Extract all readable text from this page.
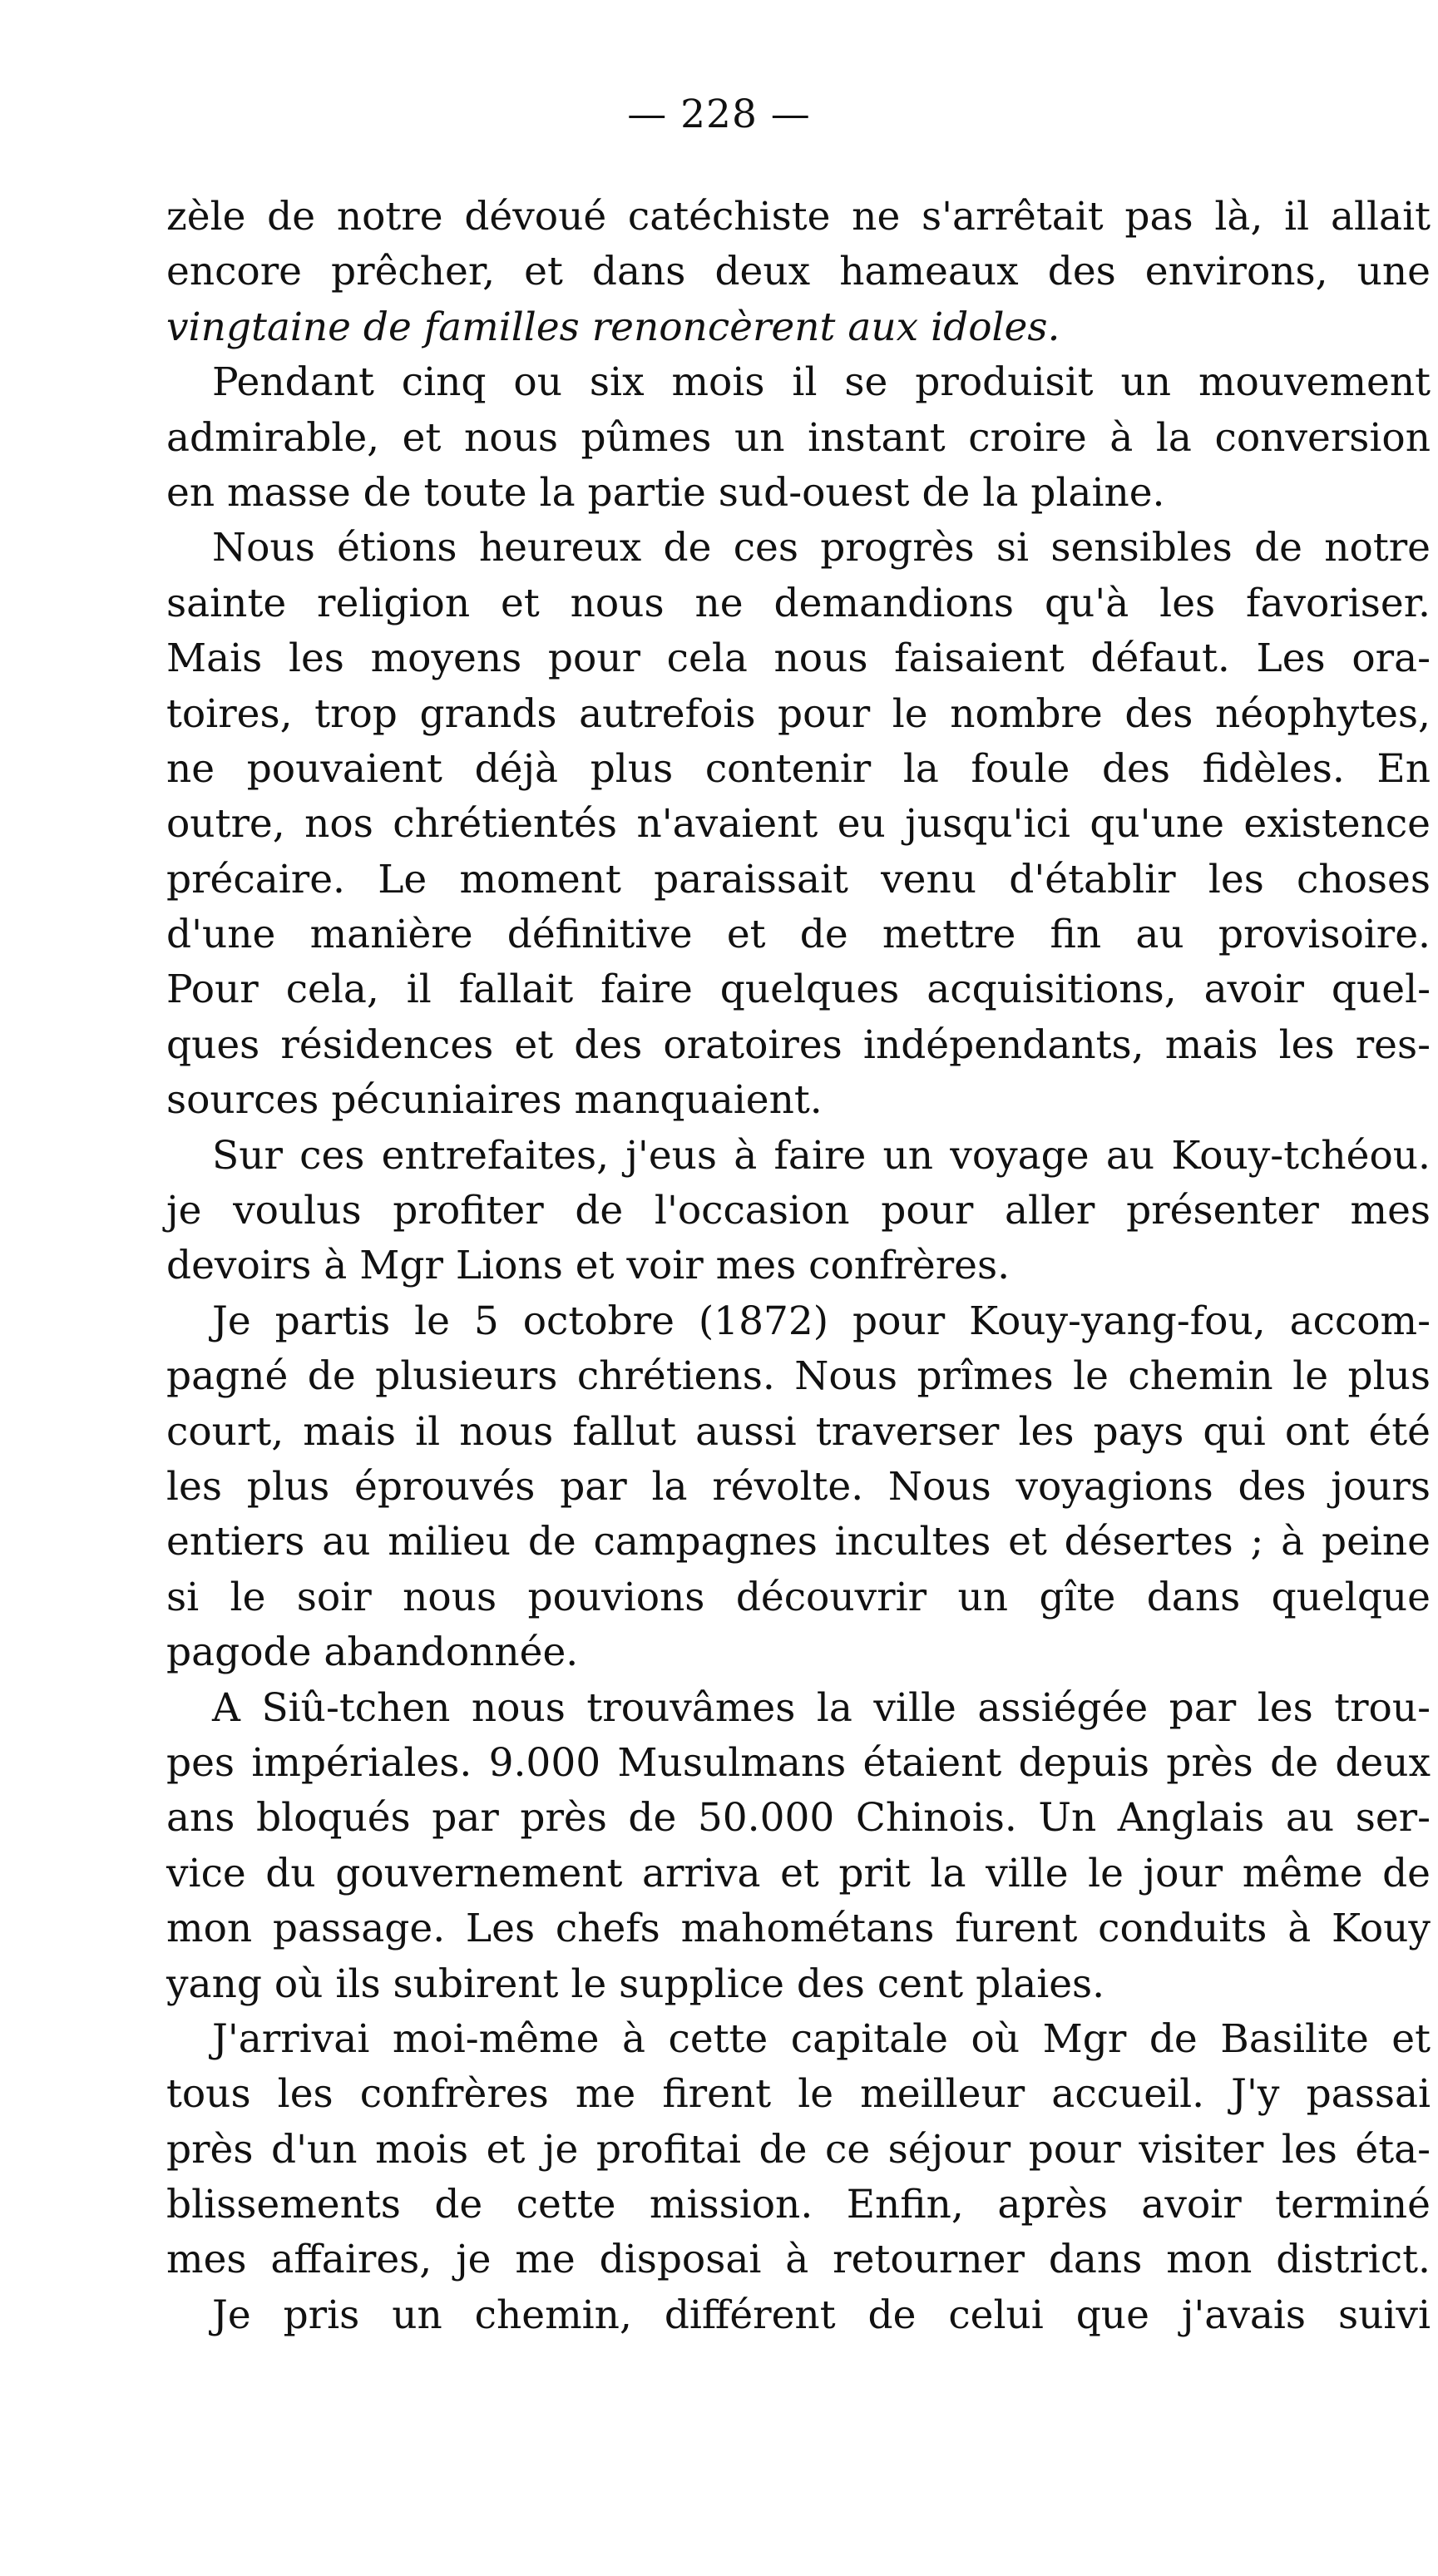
— 228 —
zèle de notre dévoué catéchiste ne s'arrêtait pas là, il allait
encore prêcher, et dans deux hameaux des environs, une
vingtaine de familles renoncèrent aux idoles.
Pendant cinq ou six mois il se produisit un mouvement
admirable, et nous pûmes un instant croire à la conversion
en masse de toute la partie sud-ouest de la plaine.
Nous étions heureux de ces progrès si sensibles de notre
sainte religion et nous ne demandions qu'à les favoriser.
Mais les moyens pour cela nous faisaient défaut. Les ora-
toires, trop grands autrefois pour le nombre des néophytes,
ne pouvaient déjà plus contenir la foule des fidèles. En
outre, nos chrétientés n'avaient eu jusqu'ici qu'une existence
précaire. Le moment paraissait venu d'établir les choses
d'une manière définitive et de mettre fin au provisoire.
Pour cela, il fallait faire quelques acquisitions, avoir quel-
ques résidences et des oratoires indépendants, mais les res-
sources pécuniaires manquaient.
Sur ces entrefaites, j'eus à faire un voyage au Kouy-tchéou.
je voulus profiter de l'occasion pour aller présenter mes
devoirs à Mgr Lions et voir mes confrères.
Je partis le 5 octobre (1872) pour Kouy-yang-fou, accom-
pagné de plusieurs chrétiens. Nous prîmes le chemin le plus
court, mais il nous fallut aussi traverser les pays qui ont été
les plus éprouvés par la révolte. Nous voyagions des jours
entiers au milieu de campagnes incultes et désertes ; à peine
si le soir nous pouvions découvrir un gîte dans quelque
pagode abandonnée.
A Siû-tchen nous trouvâmes la ville assiégée par les trou-
pes impériales. 9.000 Musulmans étaient depuis près de deux
ans bloqués par près de 50.000 Chinois. Un Anglais au ser-
vice du gouvernement arriva et prit la ville le jour même de
mon passage. Les chefs mahométans furent conduits à Kouy
yang où ils subirent le supplice des cent plaies.
J'arrivai moi-même à cette capitale où Mgr de Basilite et
tous les confrères me firent le meilleur accueil. J'y passai
près d'un mois et je profitai de ce séjour pour visiter les éta-
blissements de cette mission. Enfin, après avoir terminé
mes affaires, je me disposai à retourner dans mon district.
Je pris un chemin, différent de celui que j'avais suivi
